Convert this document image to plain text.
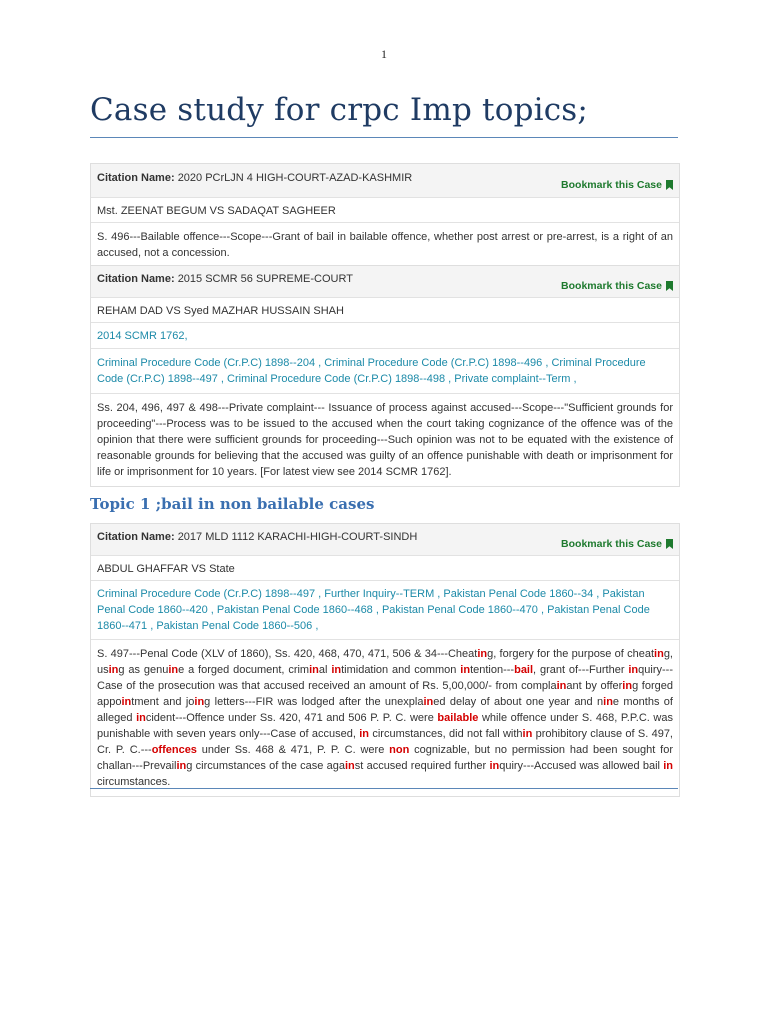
1
Case study for crpc Imp topics;
Citation Name: 2020 PCrLJN 4 HIGH-COURT-AZAD-KASHMIR
Bookmark this Case
Mst. ZEENAT BEGUM VS SADAQAT SAGHEER
S. 496---Bailable offence---Scope---Grant of bail in bailable offence, whether post arrest or pre-arrest, is a right of an accused, not a concession.
Citation Name: 2015 SCMR 56 SUPREME-COURT
Bookmark this Case
REHAM DAD VS Syed MAZHAR HUSSAIN SHAH
2014 SCMR 1762,
Criminal Procedure Code (Cr.P.C) 1898--204 , Criminal Procedure Code (Cr.P.C) 1898--496 , Criminal Procedure Code (Cr.P.C) 1898--497 , Criminal Procedure Code (Cr.P.C) 1898--498 , Private complaint--Term ,
Ss. 204, 496, 497 & 498---Private complaint--- Issuance of process against accused---Scope---"Sufficient grounds for proceeding"---Process was to be issued to the accused when the court taking cognizance of the offence was of the opinion that there were sufficient grounds for proceeding---Such opinion was not to be equated with the existence of reasonable grounds for believing that the accused was guilty of an offence punishable with death or imprisonment for life or imprisonment for 10 years. [For latest view see 2014 SCMR 1762].
Topic 1 ;bail in non bailable cases
Citation Name: 2017 MLD 1112 KARACHI-HIGH-COURT-SINDH
Bookmark this Case
ABDUL GHAFFAR VS State
Criminal Procedure Code (Cr.P.C) 1898--497 , Further Inquiry--TERM , Pakistan Penal Code 1860--34 , Pakistan Penal Code 1860--420 , Pakistan Penal Code 1860--468 , Pakistan Penal Code 1860--470 , Pakistan Penal Code 1860--471 , Pakistan Penal Code 1860--506 ,
S. 497---Penal Code (XLV of 1860), Ss. 420, 468, 470, 471, 506 & 34---Cheating, forgery for the purpose of cheating, using as genuine a forged document, criminal intimidation and common intention---bail, grant of---Further inquiry---Case of the prosecution was that accused received an amount of Rs. 5,00,000/- from complainant by offering forged appointment and joing letters---FIR was lodged after the unexplained delay of about one year and nine months of alleged incident---Offence under Ss. 420, 471 and 506 P. P. C. were bailable while offence under S. 468, P.P.C. was punishable with seven years only---Case of accused, in circumstances, did not fall within prohibitory clause of S. 497, Cr. P. C.---offences under Ss. 468 & 471, P. P. C. were non cognizable, but no permission had been sought for challan---Prevailing circumstances of the case against accused required further inquiry---Accused was allowed bail in circumstances.
